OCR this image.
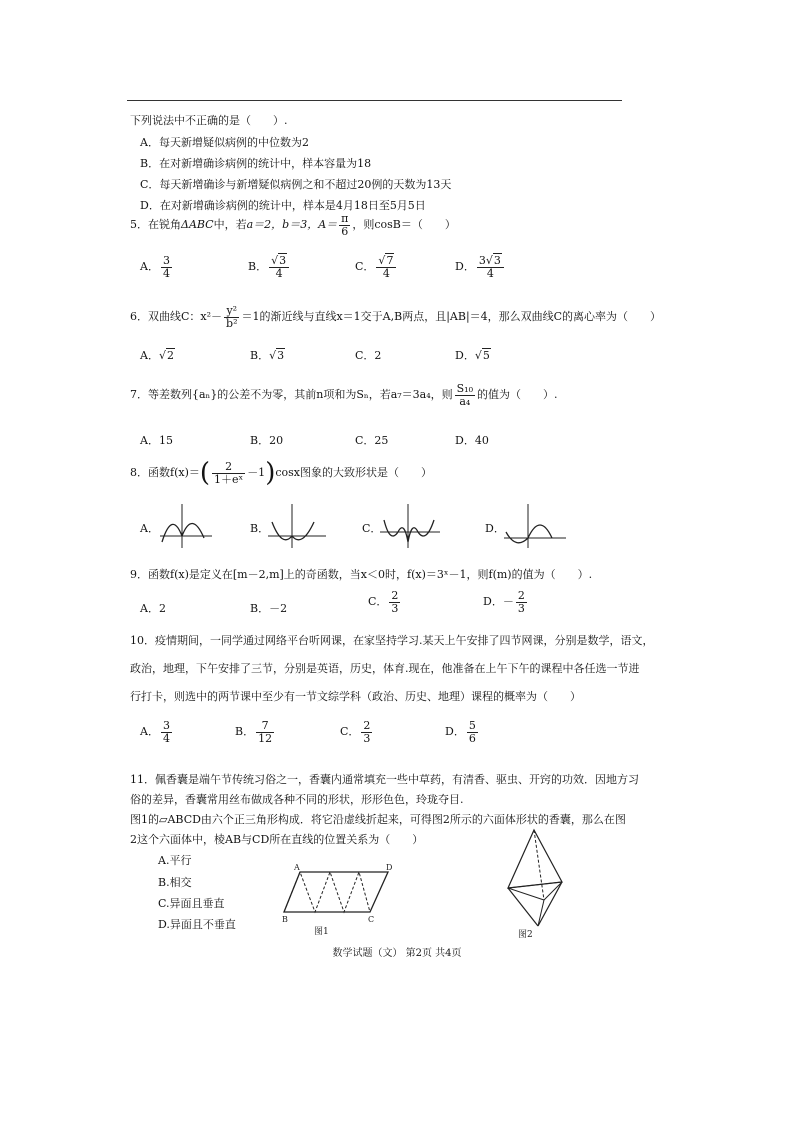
下列说法中不正确的是（　　）.
A．每天新增疑似病例的中位数为2
B．在对新增确诊病例的统计中，样本容量为18
C．每天新增确诊与新增疑似病例之和不超过20例的天数为13天
D．在对新增确诊病例的统计中，样本是4月18日至5月5日
5．在锐角ΔABC中，若a＝2，b＝3，$A= \frac{\pi}{6}$ ，则cosB＝（　　）
A． $\frac{3}{4}$	B． $\frac{√3}{4}$	C． $\frac{√7}{4}$	D． $\frac{3√3}{4}$
6．双曲线C：$x^2- \frac{\text{y²}}{\text{b²}} =1$的渐近线与直线x＝1交于A,B两点，且|AB|＝4，那么双曲线C的离心率为（　　）
A．√2	B．√3	C．2	D．√5
7．等差数列{aₙ}的公差不为零，其前n项和为Sₙ，若a₇＝3a₄，则 $\frac{\text{S₁₀}}{\text{a₄}}$ 的值为（　　）.
A．15	B．20	C．25	D．40
8．函数$f(x)=( \frac{2}{\text{1＋eˣ}} -1)\cos x$图象的大致形状是（　　）
A．	B．	C．	D．
9．函数f(x)是定义在[m－2,m]上的奇函数，当x＜0时，f(x)＝3ˣ－1，则f(m)的值为（　　）.
A．2	B．－2
C． $\frac{2}{3}$	D．－ $\frac{2}{3}$
10．疫情期间，一同学通过网络平台听网课，在家坚持学习.某天上午安排了四节网课，分别是数学，语文，
政治，地理，下午安排了三节，分别是英语，历史，体育.现在，他准备在上午下午的课程中各任选一节进
行打卡，则选中的两节课中至少有一节文综学科（政治、历史、地理）课程的概率为（　　）
A． $\frac{3}{4}$	B． $\frac{7}{12}$	C． $\frac{2}{3}$	D． $\frac{5}{6}$
11．佩香囊是端午节传统习俗之一，香囊内通常填充一些中草药，有清香、驱虫、开窍的功效．因地方习
俗的差异，香囊常用丝布做成各种不同的形状，形形色色，玲珑夺目.
图1的▱ABCD由六个正三角形构成．将它沿虚线折起来，可得图2所示的六面体形状的香囊，那么在图
2这个六面体中，棱AB与CD所在直线的位置关系为（　　）
A.平行
B.相交
C.异面且垂直
D.异面且不垂直
A
B	C
D
图1	图2
数学试题（文） 第2页 共4页
